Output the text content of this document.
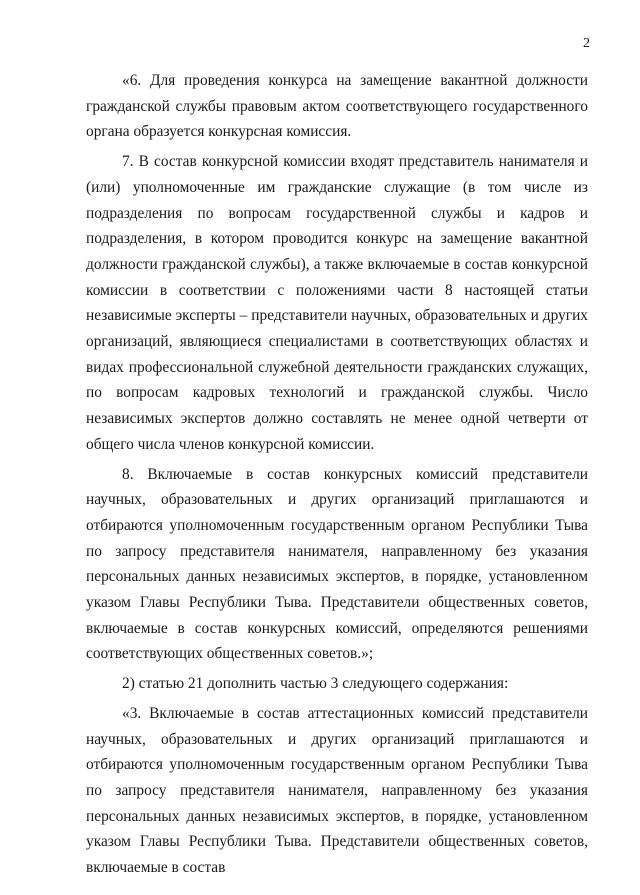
2

«6. Для проведения конкурса на замещение вакантной должности гражданской службы правовым актом соответствующего государственного органа образуется конкурсная комиссия.

7. В состав конкурсной комиссии входят представитель нанимателя и (или) уполномоченные им гражданские служащие (в том числе из подразделения по вопросам государственной службы и кадров и подразделения, в котором проводится конкурс на замещение вакантной должности гражданской службы), а также включаемые в состав конкурсной комиссии в соответствии с положениями части 8 настоящей статьи независимые эксперты – представители научных, образовательных и других организаций, являющиеся специалистами в соответствующих областях и видах профессиональной служебной деятельности гражданских служащих, по вопросам кадровых технологий и гражданской службы. Число независимых экспертов должно составлять не менее одной четверти от общего числа членов конкурсной комиссии.

8. Включаемые в состав конкурсных комиссий представители научных, образовательных и других организаций приглашаются и отбираются уполномоченным государственным органом Республики Тыва по запросу представителя нанимателя, направленному без указания персональных данных независимых экспертов, в порядке, установленном указом Главы Республики Тыва. Представители общественных советов, включаемые в состав конкурсных комиссий, определяются решениями соответствующих общественных советов.»;

2) статью 21 дополнить частью 3 следующего содержания:

«3. Включаемые в состав аттестационных комиссий представители научных, образовательных и других организаций приглашаются и отбираются уполномоченным государственным органом Республики Тыва по запросу представителя нанимателя, направленному без указания персональных данных независимых экспертов, в порядке, установленном указом Главы Республики Тыва. Представители общественных советов, включаемые в состав
